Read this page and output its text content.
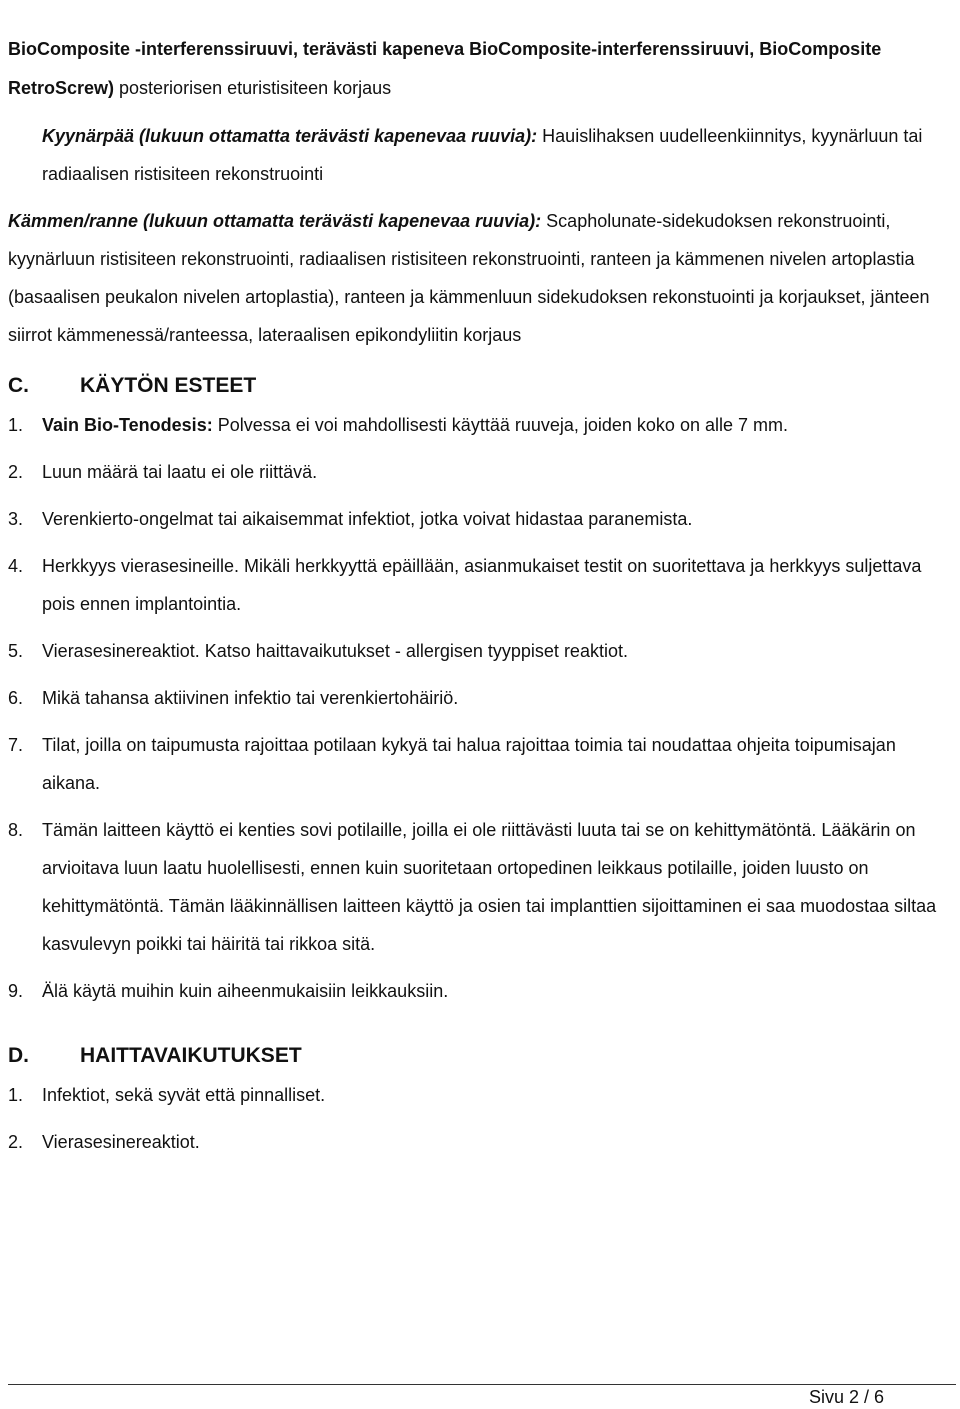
BioComposite -interferenssiruuvi, terävästi kapeneva BioComposite-interferenssiruuvi, BioComposite RetroScrew) posteriorisen eturistisiteen korjaus

Kyynärpää (lukuun ottamatta terävästi kapenevaa ruuvia): Hauislihaksen uudelleenkiinnitys, kyynärluun tai radiaalisen ristisiteen rekonstruointi

Kämmen/ranne (lukuun ottamatta terävästi kapenevaa ruuvia): Scapholunate-sidekudoksen rekonstruointi, kyynärluun ristisiteen rekonstruointi, radiaalisen ristisiteen rekonstruointi, ranteen ja kämmenen nivelen artoplastia (basaalisen peukalon nivelen artoplastia), ranteen ja kämmenluun sidekudoksen rekonstuointi ja korjaukset, jänteen siirrot kämmenessä/ranteessa, lateraalisen epikondyliitin korjaus

C.	KÄYTÖN ESTEET
1.	Vain Bio-Tenodesis: Polvessa ei voi mahdollisesti käyttää ruuveja, joiden koko on alle 7 mm.
2.	Luun määrä tai laatu ei ole riittävä.
3.	Verenkierto-ongelmat tai aikaisemmat infektiot, jotka voivat hidastaa paranemista.
4.	Herkkyys vierasesineille. Mikäli herkkyyttä epäillään, asianmukaiset testit on suoritettava ja herkkyys suljettava pois ennen implantointia.
5.	Vierasesinereaktiot. Katso haittavaikutukset - allergisen tyyppiset reaktiot.
6.	Mikä tahansa aktiivinen infektio tai verenkiertohäiriö.
7.	Tilat, joilla on taipumusta rajoittaa potilaan kykyä tai halua rajoittaa toimia tai noudattaa ohjeita toipumisajan aikana.
8.	Tämän laitteen käyttö ei kenties sovi potilaille, joilla ei ole riittävästi luuta tai se on kehittymätöntä. Lääkärin on arvioitava luun laatu huolellisesti, ennen kuin suoritetaan ortopedinen leikkaus potilaille, joiden luusto on kehittymätöntä. Tämän lääkinnällisen laitteen käyttö ja osien tai implanttien sijoittaminen ei saa muodostaa siltaa kasvulevyn poikki tai häiritä tai rikkoa sitä.
9.	Älä käytä muihin kuin aiheenmukaisiin leikkauksiin.
D.	HAITTAVAIKUTUKSET
1.	Infektiot, sekä syvät että pinnalliset.
2.	Vierasesinereaktiot.
Sivu 2 / 6
